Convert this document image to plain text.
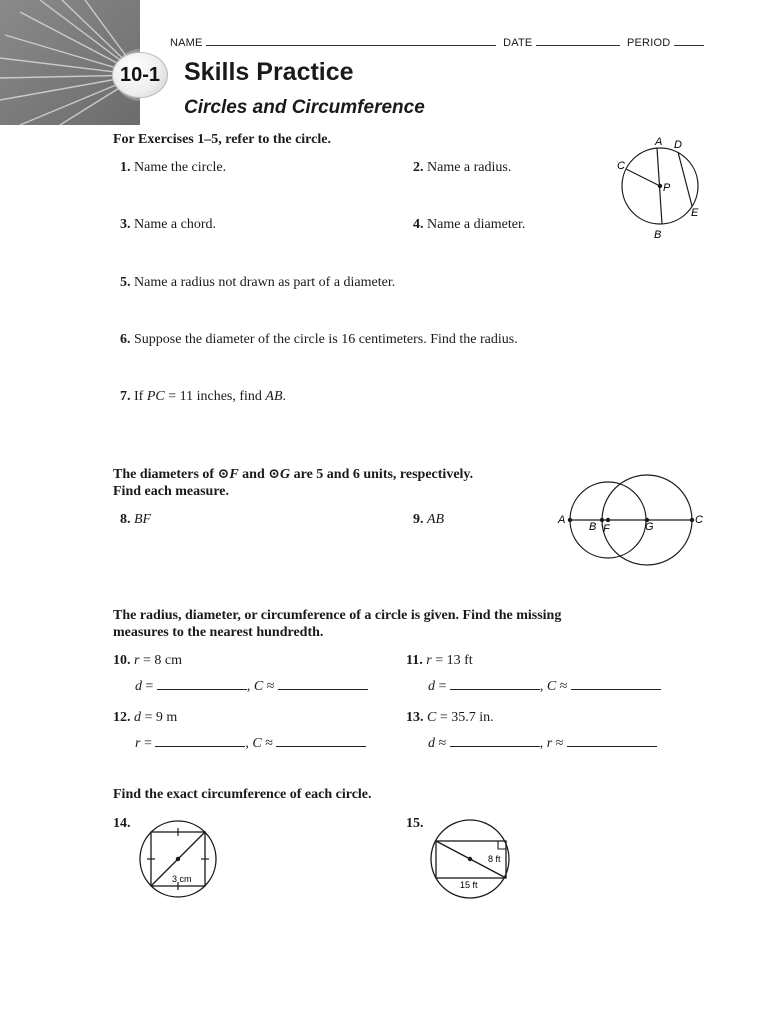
NAME	DATE	PERIOD
10-1 Skills Practice
Circles and Circumference
For Exercises 1–5, refer to the circle.
1. Name the circle.	2. Name a radius.
3. Name a chord.	4. Name a diameter.
5. Name a radius not drawn as part of a diameter.
6. Suppose the diameter of the circle is 16 centimeters. Find the radius.
7. If PC = 11 inches, find AB.
A D
C
P
E
B
The diameters of ⊙F and ⊙G are 5 and 6 units, respectively.
Find each measure.
8. BF	9. AB	A
B F	G
C
The radius, diameter, or circumference of a circle is given. Find the missing
measures to the nearest hundredth.
10. r = 8 cm
d =	, C ≈
11. r = 13 ft
d =	, C ≈
12. d = 9 m
r =	, C ≈
13. C = 35.7 in.
d ≈	, r ≈
Find the exact circumference of each circle.
14.	15.
3 cm
8 ft
15 ft
